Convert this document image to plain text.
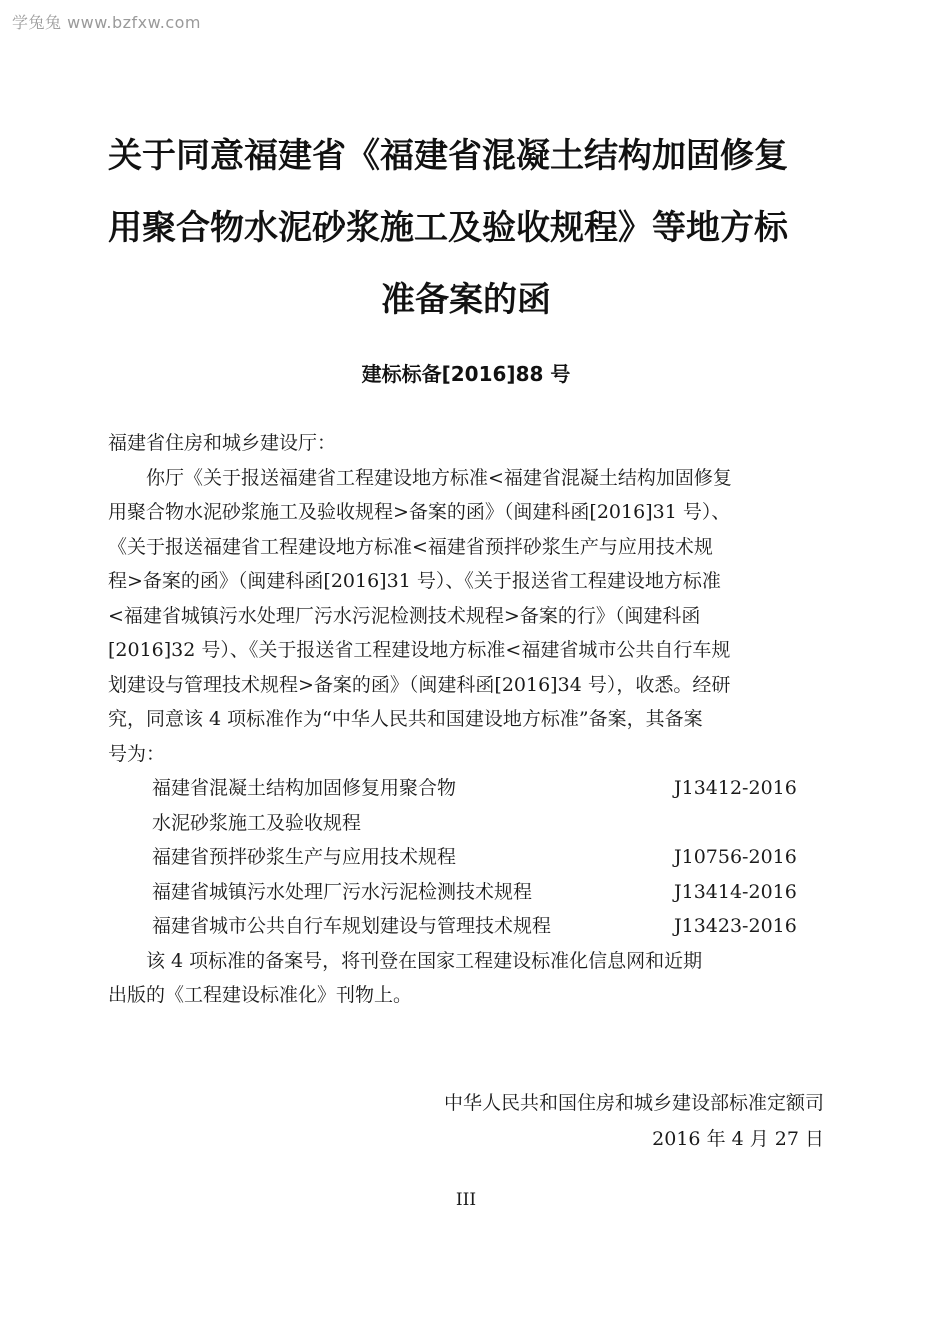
学兔兔 www.bzfxw.com
关于同意福建省《福建省混凝土结构加固修复
用聚合物水泥砂浆施工及验收规程》等地方标
准备案的函

建标标备[2016]88 号

福建省住房和城乡建设厅：

你厅《关于报送福建省工程建设地方标准<福建省混凝土结构加固修复
用聚合物水泥砂浆施工及验收规程>备案的函》（闽建科函[2016]31 号）、
《关于报送福建省工程建设地方标准<福建省预拌砂浆生产与应用技术规
程>备案的函》（闽建科函[2016]31 号）、《关于报送省工程建设地方标准
<福建省城镇污水处理厂污水污泥检测技术规程>备案的行》（闽建科函
[2016]32 号）、《关于报送省工程建设地方标准<福建省城市公共自行车规
划建设与管理技术规程>备案的函》（闽建科函[2016]34 号），收悉。经研
究，同意该 4 项标准作为“中华人民共和国建设地方标准”备案，其备案
号为：

福建省混凝土结构加固修复用聚合物	J13412-2016
水泥砂浆施工及验收规程
福建省预拌砂浆生产与应用技术规程	J10756-2016
福建省城镇污水处理厂污水污泥检测技术规程	J13414-2016
福建省城市公共自行车规划建设与管理技术规程	J13423-2016

该 4 项标准的备案号，将刊登在国家工程建设标准化信息网和近期
出版的《工程建设标准化》刊物上。

中华人民共和国住房和城乡建设部标准定额司
2016 年 4 月 27 日
III
